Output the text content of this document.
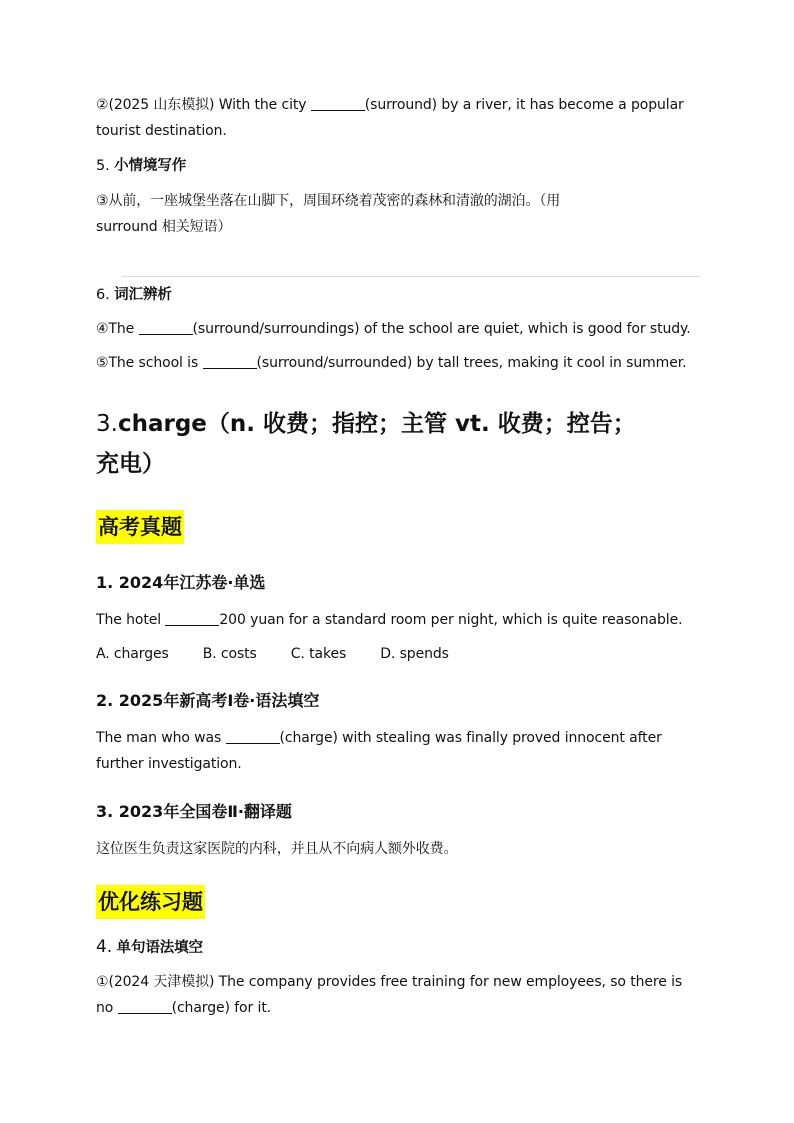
②(2025 山东模拟) With the city	(surround) by a river, it has become a popular
tourist destination.
5. 小情境写作
③从前，一座城堡坐落在山脚下，周围环绕着茂密的森林和清澈的湖泊。（用
surround 相关短语）
6. 词汇辨析
④The	(surround/surroundings) of the school are quiet, which is good for study.
⑤The school is	(surround/surrounded) by tall trees, making it cool in summer.
3.charge（n. 收费；指控；主管 vt. 收费；控告；
充电）
高考真题
1. 2024年江苏卷·单选
The hotel	200 yuan for a standard room per night, which is quite reasonable.
A. charges B. costs C. takes D. spends
2. 2025年新高考Ⅰ卷·语法填空
The man who was	(charge) with stealing was finally proved innocent after
further investigation.
3. 2023年全国卷Ⅱ·翻译题
这位医生负责这家医院的内科，并且从不向病人额外收费。
优化练习题
4. 单句语法填空
①(2024 天津模拟) The company provides free training for new employees, so there is
no	(charge) for it.
